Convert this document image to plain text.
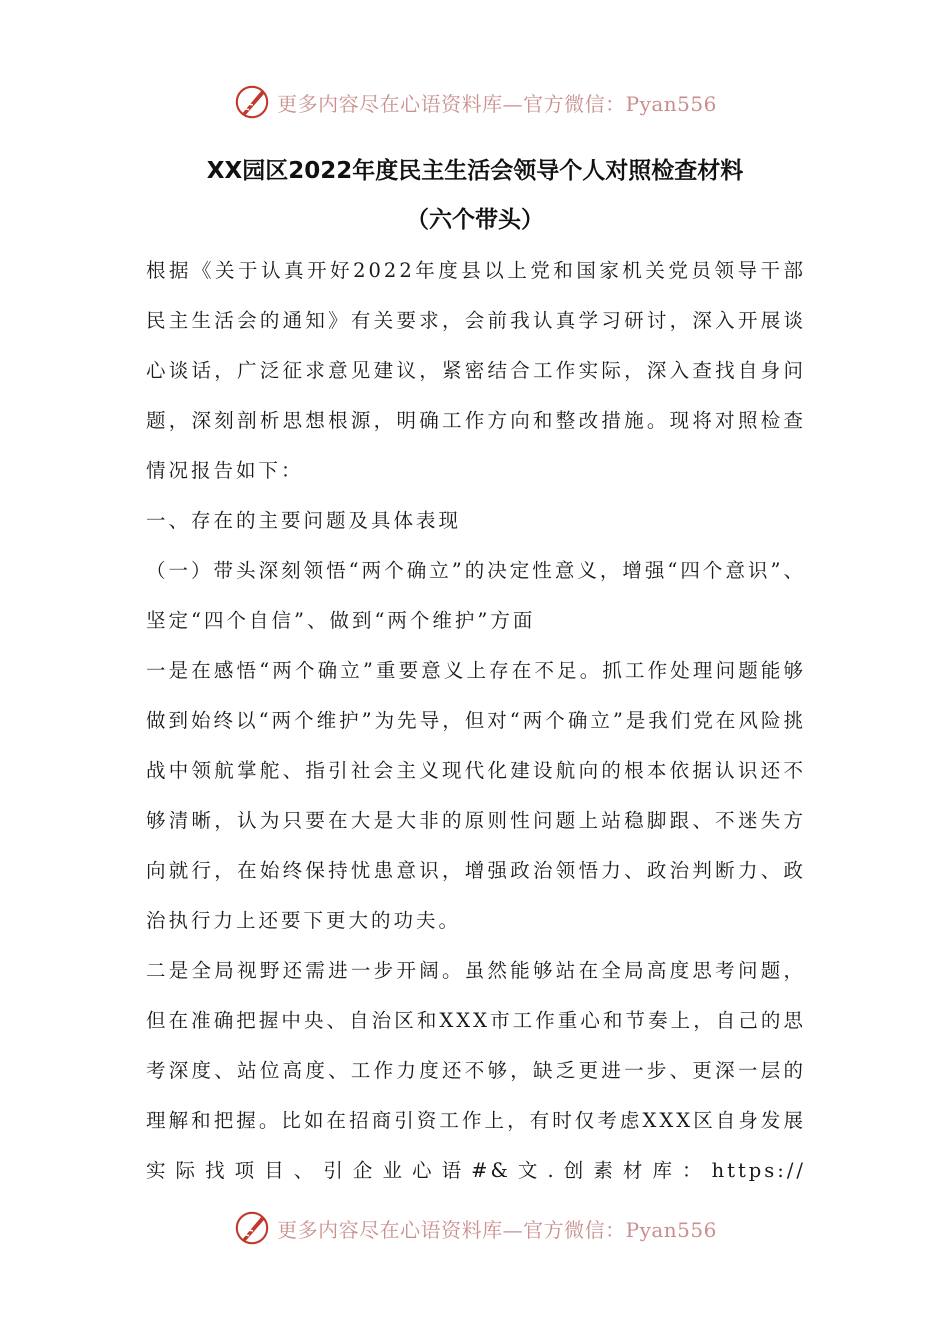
更多内容尽在心语资料库—官方微信：Pyan556
XX园区2022年度民主生活会领导个人对照检查材料
（六个带头）

根据《关于认真开好2022年度县以上党和国家机关党员领导干部民主生活会的通知》有关要求，会前我认真学习研讨，深入开展谈心谈话，广泛征求意见建议，紧密结合工作实际，深入查找自身问题，深刻剖析思想根源，明确工作方向和整改措施。现将对照检查情况报告如下：

一、存在的主要问题及具体表现

（一）带头深刻领悟“两个确立”的决定性意义，增强“四个意识”、坚定“四个自信”、做到“两个维护”方面

一是在感悟“两个确立”重要意义上存在不足。抓工作处理问题能够做到始终以“两个维护”为先导，但对“两个确立”是我们党在风险挑战中领航掌舵、指引社会主义现代化建设航向的根本依据认识还不够清晰，认为只要在大是大非的原则性问题上站稳脚跟、不迷失方向就行，在始终保持忧患意识，增强政治领悟力、政治判断力、政治执行力上还要下更大的功夫。

二是全局视野还需进一步开阔。虽然能够站在全局高度思考问题，但在准确把握中央、自治区和XXX市工作重心和节奏上，自己的思考深度、站位高度、工作力度还不够，缺乏更进一步、更深一层的理解和把握。比如在招商引资工作上，有时仅考虑XXX区自身发展实际找项目、引企业心语#&文.创素材库：https://

更多内容尽在心语资料库—官方微信：Pyan556
